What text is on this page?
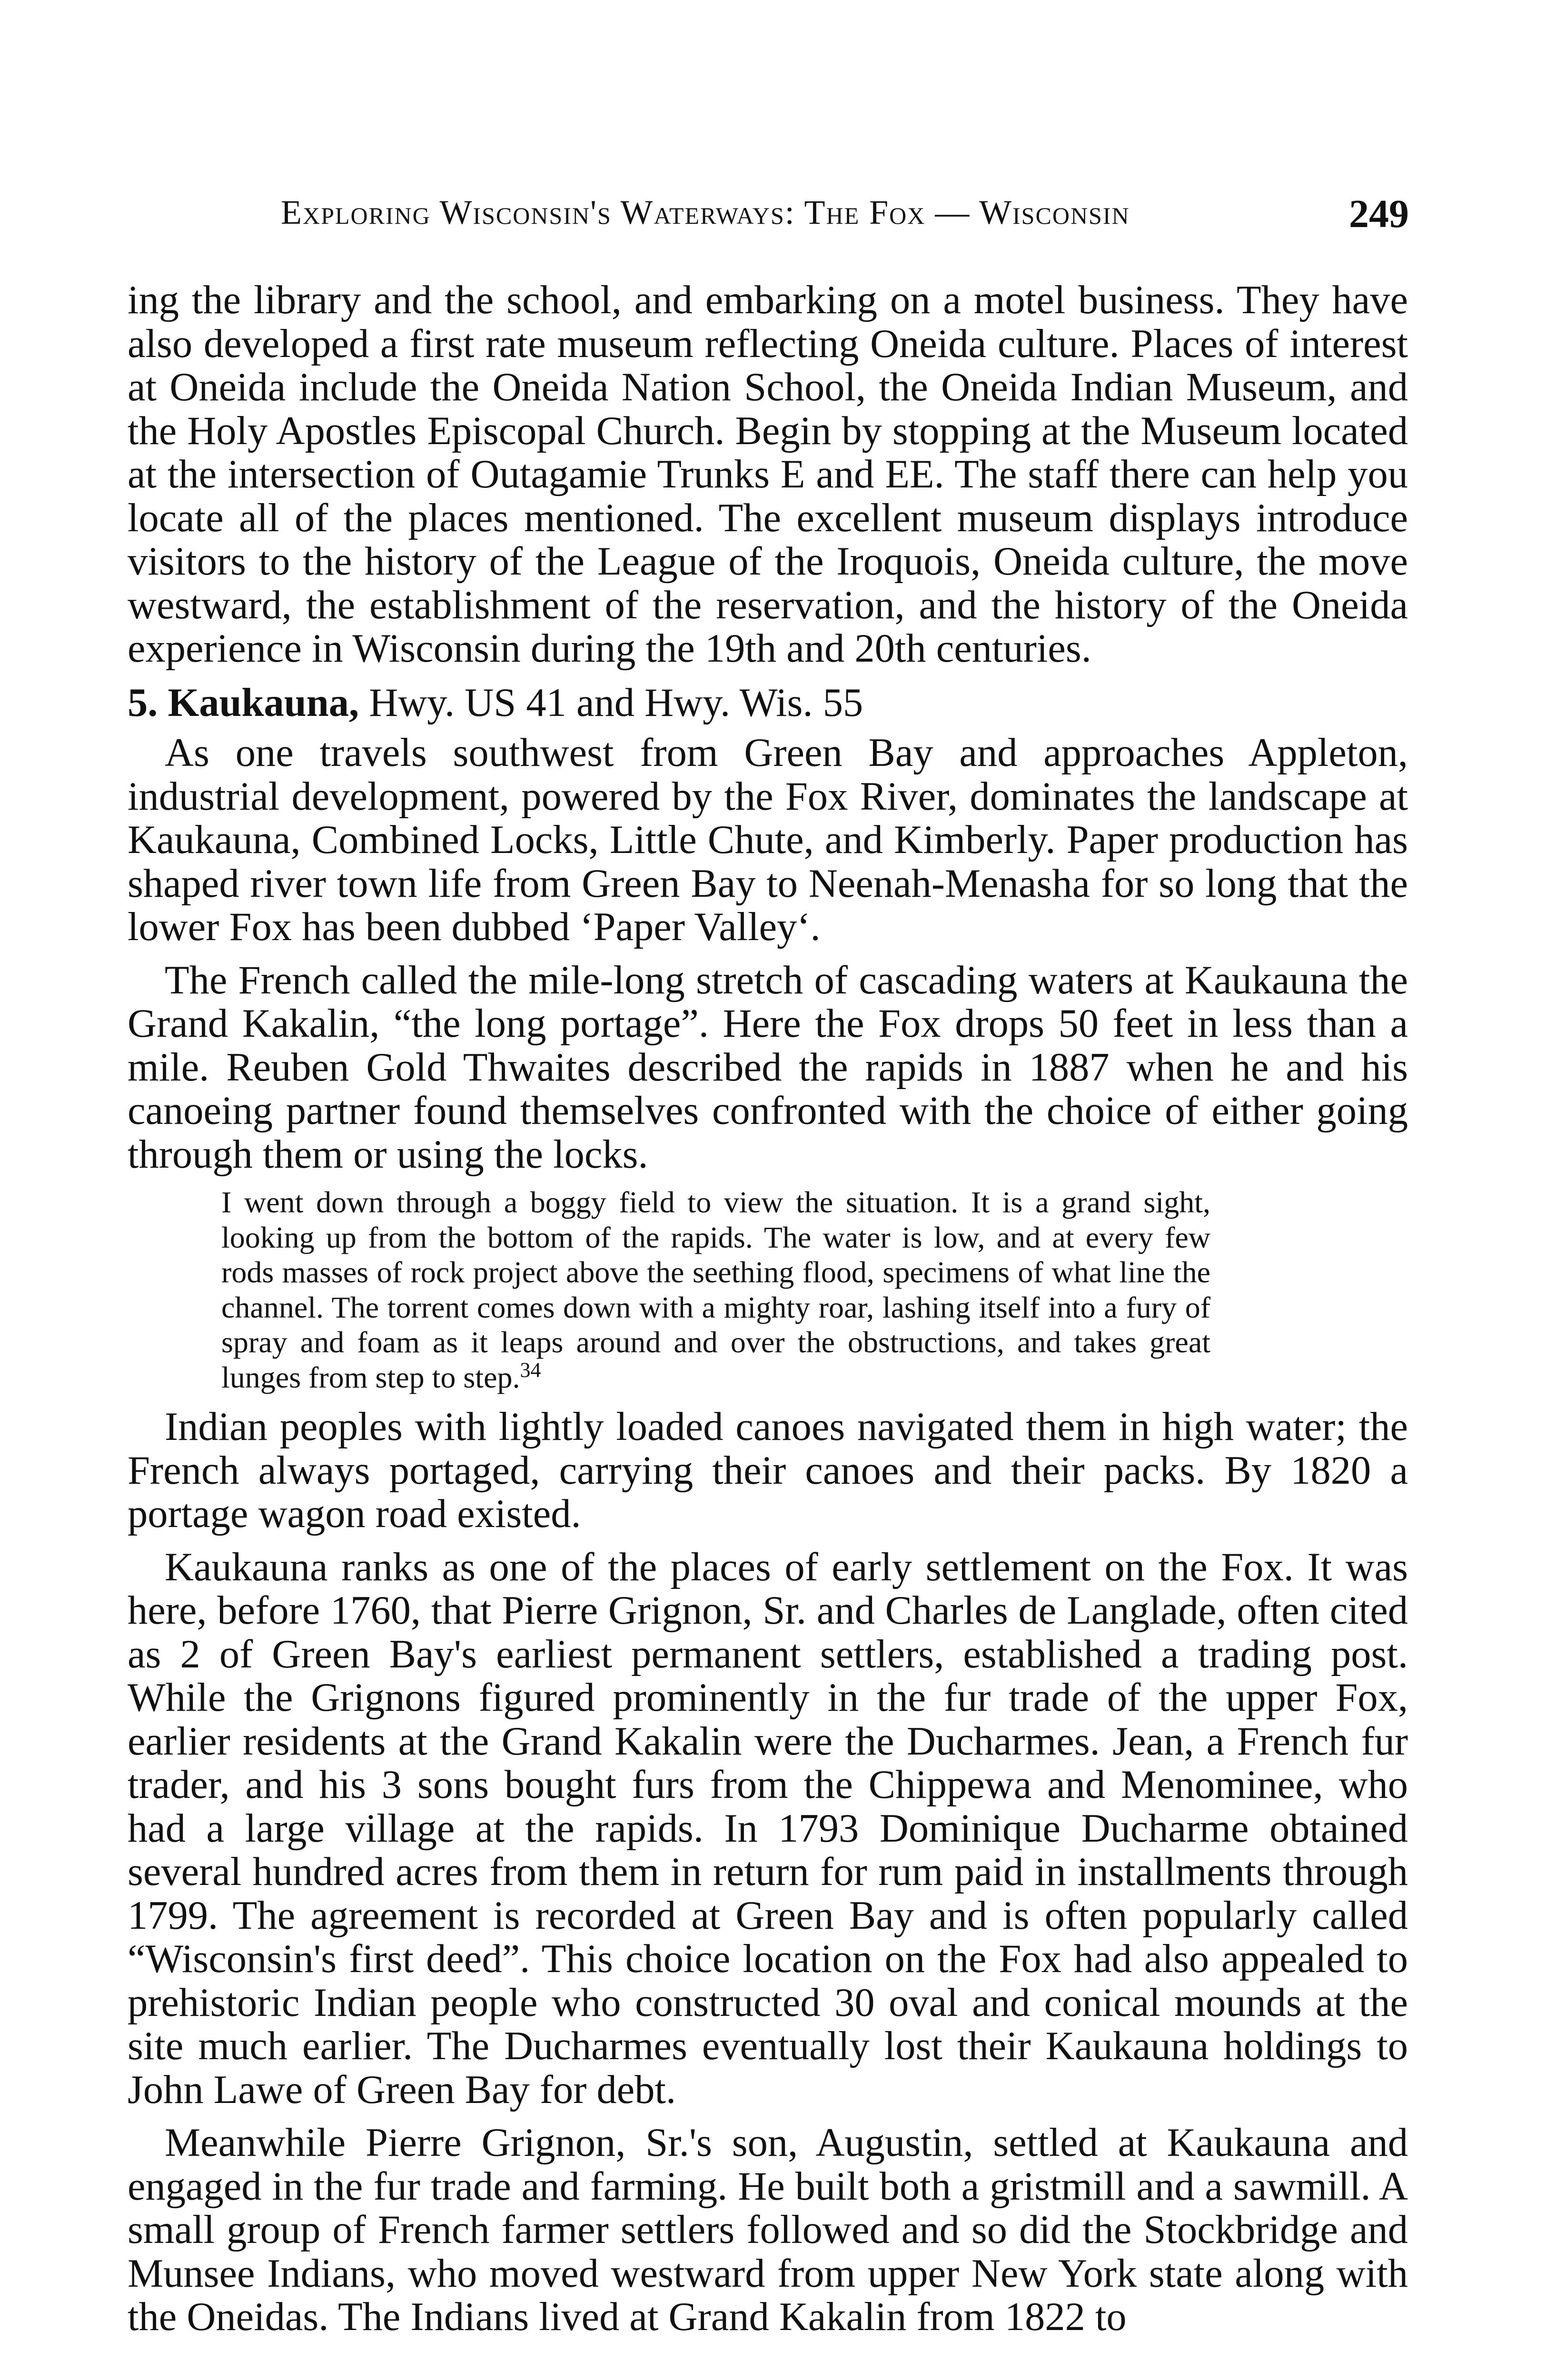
Exploring Wisconsin's Waterways: The Fox — Wisconsin	249

ing the library and the school, and embarking on a motel business. They have also developed a first rate museum reflecting Oneida culture. Places of interest at Oneida include the Oneida Nation School, the Oneida Indian Museum, and the Holy Apostles Episcopal Church. Begin by stopping at the Museum located at the intersection of Outagamie Trunks E and EE. The staff there can help you locate all of the places mentioned. The excellent museum displays introduce visitors to the history of the League of the Iroquois, Oneida culture, the move westward, the establishment of the reservation, and the history of the Oneida experience in Wisconsin during the 19th and 20th centuries.

5. Kaukauna, Hwy. US 41 and Hwy. Wis. 55

As one travels southwest from Green Bay and approaches Appleton, industrial development, powered by the Fox River, dominates the landscape at Kaukauna, Combined Locks, Little Chute, and Kimberly. Paper production has shaped river town life from Green Bay to Neenah-Menasha for so long that the lower Fox has been dubbed ‘Paper Valley‘.

The French called the mile-long stretch of cascading waters at Kaukauna the Grand Kakalin, “the long portage”. Here the Fox drops 50 feet in less than a mile. Reuben Gold Thwaites described the rapids in 1887 when he and his canoeing partner found themselves confronted with the choice of either going through them or using the locks.

I went down through a boggy field to view the situation. It is a grand sight, looking up from the bottom of the rapids. The water is low, and at every few rods masses of rock project above the seething flood, specimens of what line the channel. The torrent comes down with a mighty roar, lashing itself into a fury of spray and foam as it leaps around and over the obstructions, and takes great lunges from step to step.$^{34}$

Indian peoples with lightly loaded canoes navigated them in high water; the French always portaged, carrying their canoes and their packs. By 1820 a portage wagon road existed.

Kaukauna ranks as one of the places of early settlement on the Fox. It was here, before 1760, that Pierre Grignon, Sr. and Charles de Langlade, often cited as 2 of Green Bay's earliest permanent settlers, established a trading post. While the Grignons figured prominently in the fur trade of the upper Fox, earlier residents at the Grand Kakalin were the Ducharmes. Jean, a French fur trader, and his 3 sons bought furs from the Chippewa and Menominee, who had a large village at the rapids. In 1793 Dominique Ducharme obtained several hundred acres from them in return for rum paid in installments through 1799. The agreement is recorded at Green Bay and is often popularly called “Wisconsin's first deed”. This choice location on the Fox had also appealed to prehistoric Indian people who constructed 30 oval and conical mounds at the site much earlier. The Ducharmes eventually lost their Kaukauna holdings to John Lawe of Green Bay for debt.

Meanwhile Pierre Grignon, Sr.'s son, Augustin, settled at Kaukauna and engaged in the fur trade and farming. He built both a gristmill and a sawmill. A small group of French farmer settlers followed and so did the Stockbridge and Munsee Indians, who moved westward from upper New York state along with the Oneidas. The Indians lived at Grand Kakalin from 1822 to
